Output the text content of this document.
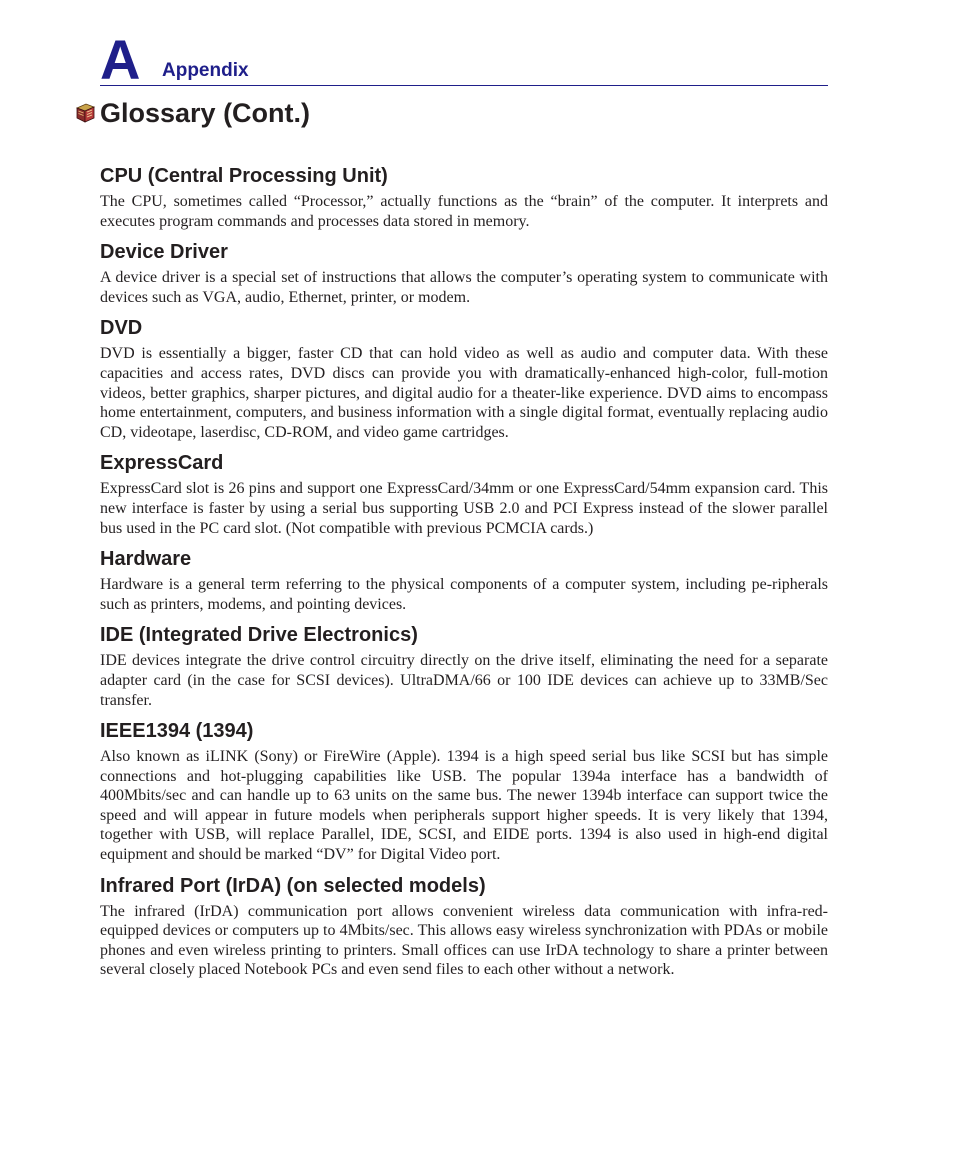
A Appendix
Glossary (Cont.)
CPU (Central Processing Unit)

The CPU, sometimes called “Processor,” actually functions as the “brain” of the computer. It interprets and executes program commands and processes data stored in memory.

Device Driver

A device driver is a special set of instructions that allows the computer’s operating system to communicate with devices such as VGA, audio, Ethernet, printer, or modem.

DVD

DVD is essentially a bigger, faster CD that can hold video as well as audio and computer data. With these capacities and access rates, DVD discs can provide you with dramatically-enhanced high-color, full-motion videos, better graphics, sharper pictures, and digital audio for a theater-like experience. DVD aims to encompass home entertainment, computers, and business information with a single digital format, eventually replacing audio CD, videotape, laserdisc, CD-ROM, and video game cartridges.

ExpressCard

ExpressCard slot is 26 pins and support one ExpressCard/34mm or one ExpressCard/54mm expansion card. This new interface is faster by using a serial bus supporting USB 2.0 and PCI Express instead of the slower parallel bus used in the PC card slot. (Not compatible with previous PCMCIA cards.)

Hardware

Hardware is a general term referring to the physical components of a computer system, including pe-ripherals such as printers, modems, and pointing devices.

IDE (Integrated Drive Electronics)

IDE devices integrate the drive control circuitry directly on the drive itself, eliminating the need for a separate adapter card (in the case for SCSI devices). UltraDMA/66 or 100 IDE devices can achieve up to 33MB/Sec transfer.

IEEE1394 (1394)

Also known as iLINK (Sony) or FireWire (Apple). 1394 is a high speed serial bus like SCSI but has simple connections and hot-plugging capabilities like USB. The popular 1394a interface has a bandwidth of 400Mbits/sec and can handle up to 63 units on the same bus. The newer 1394b interface can support twice the speed and will appear in future models when peripherals support higher speeds. It is very likely that 1394, together with USB, will replace Parallel, IDE, SCSI, and EIDE ports. 1394 is also used in high-end digital equipment and should be marked “DV” for Digital Video port.

Infrared Port (IrDA) (on selected models)

The infrared (IrDA) communication port allows convenient wireless data communication with infra-red-equipped devices or computers up to 4Mbits/sec. This allows easy wireless synchronization with PDAs or mobile phones and even wireless printing to printers. Small offices can use IrDA technology to share a printer between several closely placed Notebook PCs and even send files to each other without a network.
